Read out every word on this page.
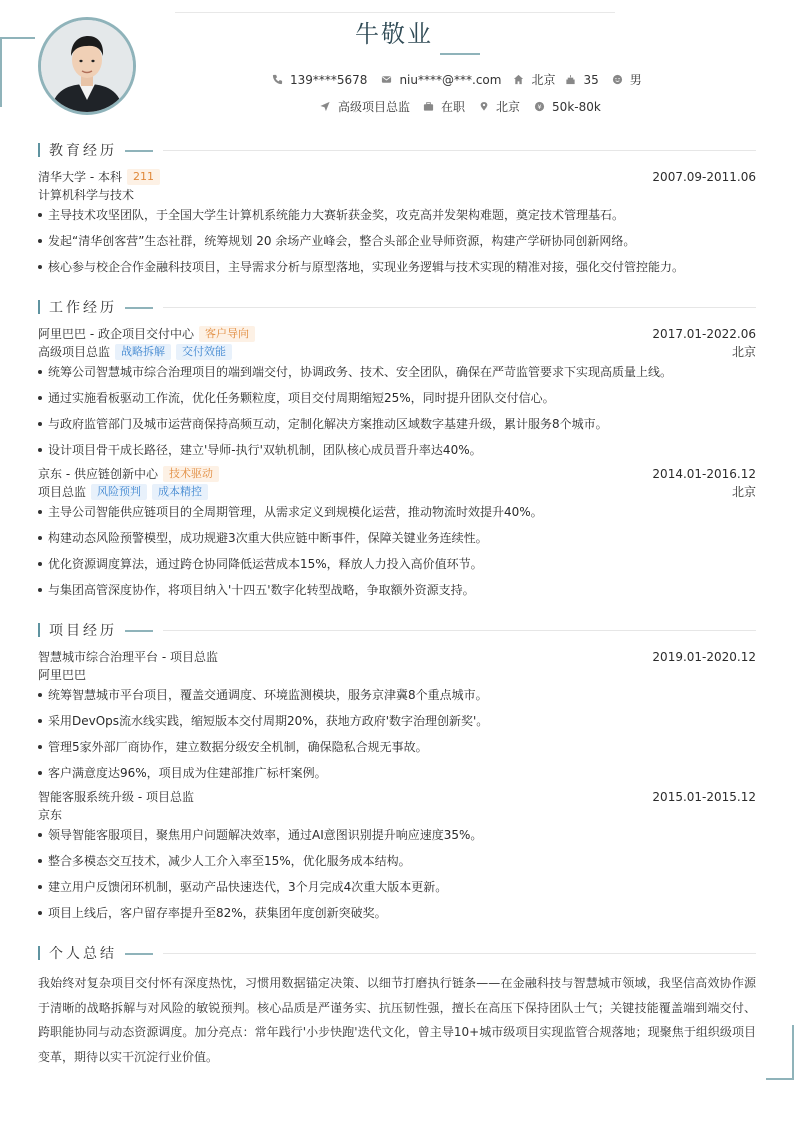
牛敬业
139****5678	niu****@***.com	北京 35	男
高级项目总监	在职	北京 ¥ 50k-80k
教育经历
清华大学 - 本科	211	2007.09-2011.06
计算机科学与技术
主导技术攻坚团队，于全国大学生计算机系统能力大赛斩获金奖，攻克高并发架构难题，奠定技术管理基石。
发起“清华创客营”生态社群，统筹规划 20 余场产业峰会，整合头部企业导师资源，构建产学研协同创新网络。
核心参与校企合作金融科技项目，主导需求分析与原型落地，实现业务逻辑与技术实现的精准对接，强化交付管控能力。
工作经历
阿里巴巴 - 政企项目交付中心	客户导向	2017.01-2022.06
高级项目总监	战略拆解	交付效能	北京
统筹公司智慧城市综合治理项目的端到端交付，协调政务、技术、安全团队，确保在严苛监管要求下实现高质量上线。
通过实施看板驱动工作流，优化任务颗粒度，项目交付周期缩短25%，同时提升团队交付信心。
与政府监管部门及城市运营商保持高频互动，定制化解决方案推动区域数字基建升级，累计服务8个城市。
设计项目骨干成长路径，建立'导师-执行'双轨机制，团队核心成员晋升率达40%。
京东 - 供应链创新中心	技术驱动	2014.01-2016.12
项目总监	风险预判	成本精控	北京
主导公司智能供应链项目的全周期管理，从需求定义到规模化运营，推动物流时效提升40%。
构建动态风险预警模型，成功规避3次重大供应链中断事件，保障关键业务连续性。
优化资源调度算法，通过跨仓协同降低运营成本15%，释放人力投入高价值环节。
与集团高管深度协作，将项目纳入'十四五'数字化转型战略，争取额外资源支持。
项目经历
智慧城市综合治理平台 - 项目总监	2019.01-2020.12
阿里巴巴
统筹智慧城市平台项目，覆盖交通调度、环境监测模块，服务京津冀8个重点城市。
采用DevOps流水线实践，缩短版本交付周期20%，获地方政府'数字治理创新奖'。
管理5家外部厂商协作，建立数据分级安全机制，确保隐私合规无事故。
客户满意度达96%，项目成为住建部推广标杆案例。
智能客服系统升级 - 项目总监	2015.01-2015.12
京东
领导智能客服项目，聚焦用户问题解决效率，通过AI意图识别提升响应速度35%。
整合多模态交互技术，减少人工介入率至15%，优化服务成本结构。
建立用户反馈闭环机制，驱动产品快速迭代，3个月完成4次重大版本更新。
项目上线后，客户留存率提升至82%，获集团年度创新突破奖。
个人总结
我始终对复杂项目交付怀有深度热忱，习惯用数据锚定决策、以细节打磨执行链条——在金融科技与智慧城市领域，我坚信高效协作源于清晰的战略拆解与对风险的敏锐预判。核心品质是严谨务实、抗压韧性强，擅长在高压下保持团队士气；关键技能覆盖端到端交付、跨职能协同与动态资源调度。加分亮点：常年践行'小步快跑'迭代文化，曾主导10+城市级项目实现监管合规落地；现聚焦于组织级项目变革，期待以实干沉淀行业价值。
